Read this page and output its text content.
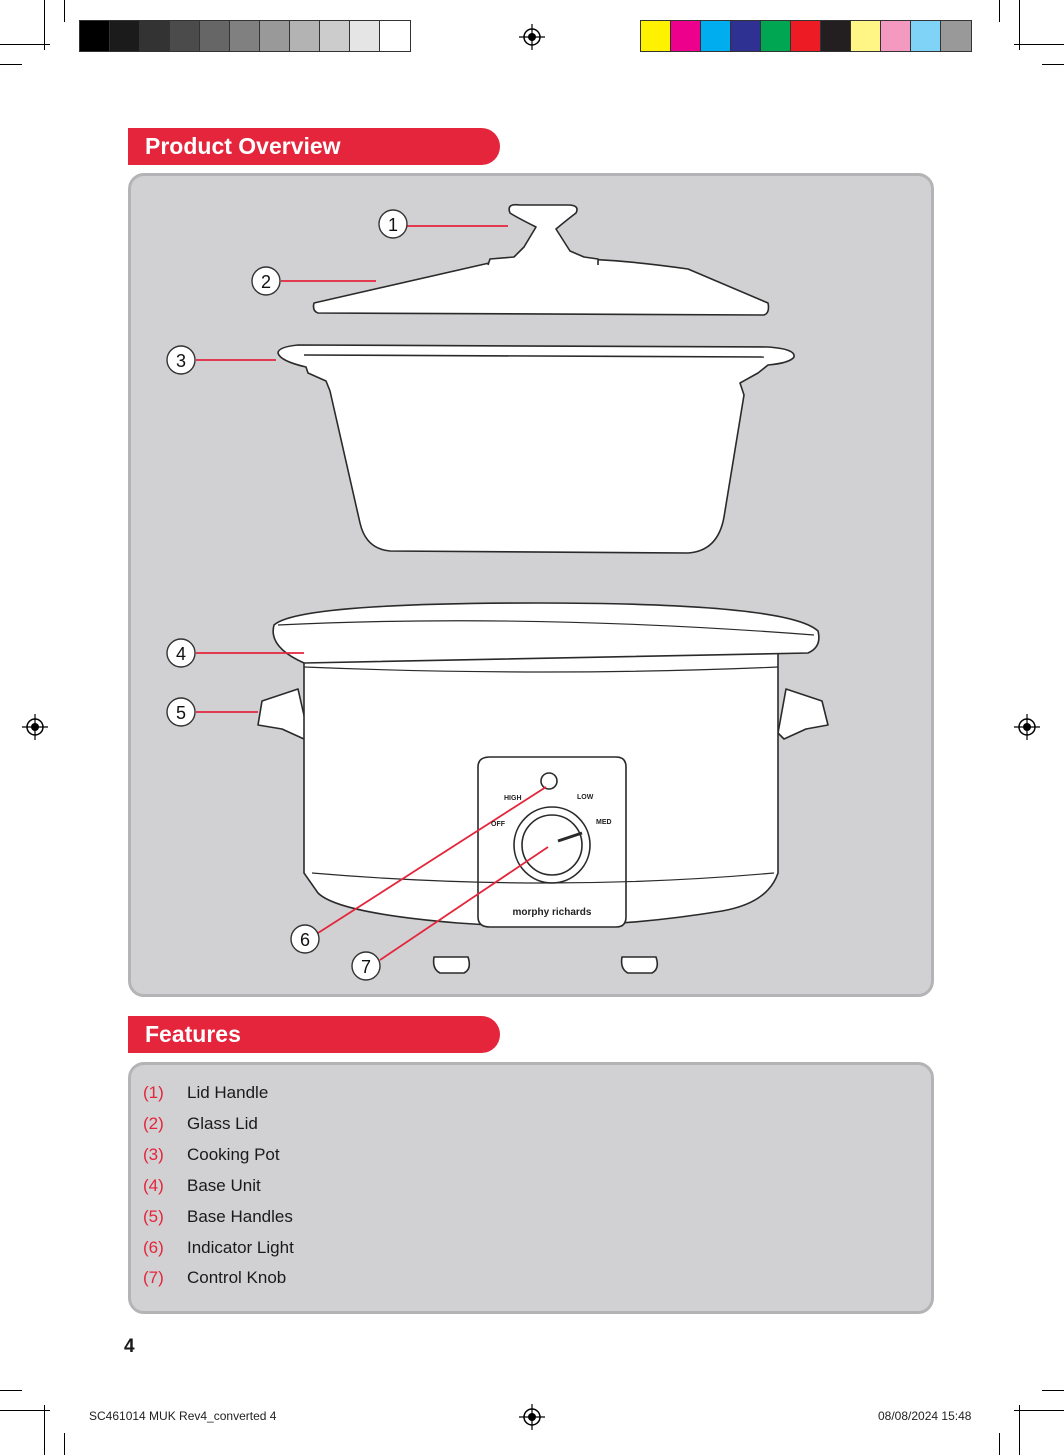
Product Overview
1
2
3
4
5
6
7
HIGH	LOW
OFF	MED
morphy richards
Features
(1) Lid Handle
(2) Glass Lid
(3) Cooking Pot
(4) Base Unit
(5) Base Handles
(6) Indicator Light
(7) Control Knob
4
SC461014 MUK Rev4_converted 4	08/08/2024 15:48
